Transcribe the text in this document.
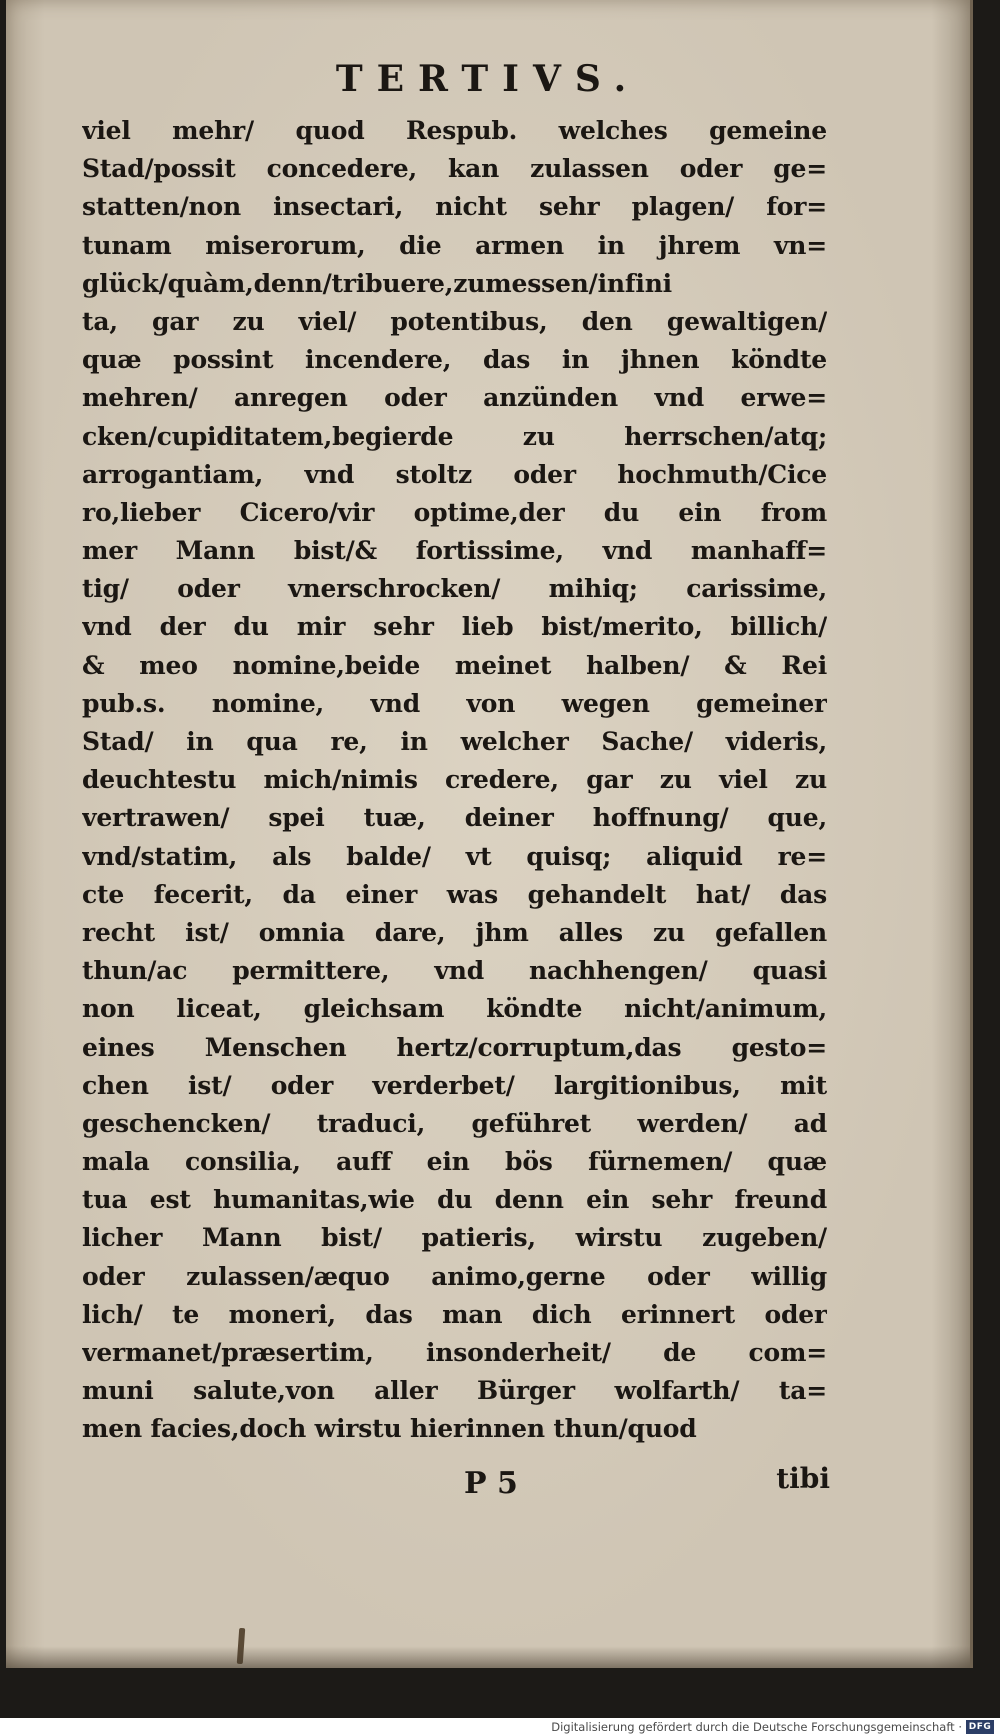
TERTIVS.
viel mehr/ quod Respub. welches gemeine
Stad/possit concedere, kan zulassen oder ge=
statten/non insectari, nicht sehr plagen/ for=
tunam miserorum, die armen in jhrem vn=
glück/quàm,denn/tribuere,zumessen/infini
ta, gar zu viel/ potentibus, den gewaltigen/
quæ possint incendere, das in jhnen köndte
mehren/ anregen oder anzünden vnd erwe=
cken/cupiditatem,begierde zu herrschen/atq;
arrogantiam, vnd stoltz oder hochmuth/Cice
ro,lieber Cicero/vir optime,der du ein from
mer Mann bist/& fortissime, vnd manhaff=
tig/ oder vnerschrocken/ mihiq; carissime,
vnd der du mir sehr lieb bist/merito, billich/
& meo nomine,beide meinet halben/ & Rei
pub.s. nomine, vnd von wegen gemeiner
Stad/ in qua re, in welcher Sache/ videris,
deuchtestu mich/nimis credere, gar zu viel zu
vertrawen/ spei tuæ, deiner hoffnung/ que,
vnd/statim, als balde/ vt quisq; aliquid re=
cte fecerit, da einer was gehandelt hat/ das
recht ist/ omnia dare, jhm alles zu gefallen
thun/ac permittere, vnd nachhengen/ quasi
non liceat, gleichsam köndte nicht/animum,
eines Menschen hertz/corruptum,das gesto=
chen ist/ oder verderbet/ largitionibus, mit
geschencken/ traduci, geführet werden/ ad
mala consilia, auff ein bös fürnemen/ quæ
tua est humanitas,wie du denn ein sehr freund
licher Mann bist/ patieris, wirstu zugeben/
oder zulassen/æquo animo,gerne oder willig
lich/ te moneri, das man dich erinnert oder
vermanet/præsertim, insonderheit/ de com=
muni salute,von aller Bürger wolfarth/ ta=
men facies,doch wirstu hierinnen thun/quod
P 5	tibi
Digitalisierung gefördert durch die Deutsche Forschungsgemeinschaft · DFG
